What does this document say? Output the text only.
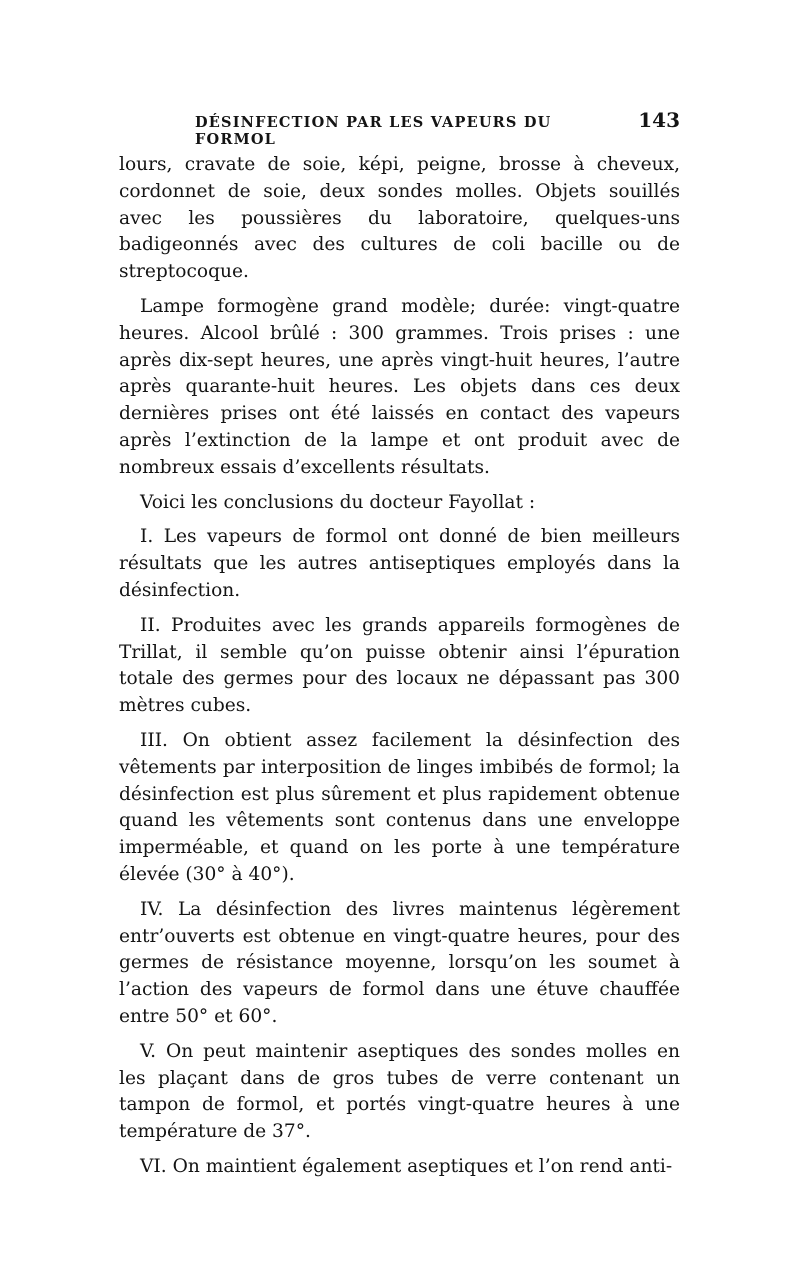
DÉSINFECTION PAR LES VAPEURS DU FORMOL
143

lours, cravate de soie, képi, peigne, brosse à cheveux, cordonnet de soie, deux sondes molles. Objets souillés avec les poussières du laboratoire, quelques-uns badigeonnés avec des cultures de coli bacille ou de streptocoque.

Lampe formogène grand modèle; durée: vingt-quatre heures. Alcool brûlé : 300 grammes. Trois prises : une après dix-sept heures, une après vingt-huit heures, l’autre après quarante-huit heures. Les objets dans ces deux dernières prises ont été laissés en contact des vapeurs après l’extinction de la lampe et ont produit avec de nombreux essais d’excellents résultats.

Voici les conclusions du docteur Fayollat :

I. Les vapeurs de formol ont donné de bien meilleurs résultats que les autres antiseptiques employés dans la désinfection.

II. Produites avec les grands appareils formogènes de Trillat, il semble qu’on puisse obtenir ainsi l’épuration totale des germes pour des locaux ne dépassant pas 300 mètres cubes.

III. On obtient assez facilement la désinfection des vêtements par interposition de linges imbibés de formol; la désinfection est plus sûrement et plus rapidement obtenue quand les vêtements sont contenus dans une enveloppe imperméable, et quand on les porte à une température élevée (30° à 40°).

IV. La désinfection des livres maintenus légèrement entr’ouverts est obtenue en vingt-quatre heures, pour des germes de résistance moyenne, lorsqu’on les soumet à l’action des vapeurs de formol dans une étuve chauffée entre 50° et 60°.

V. On peut maintenir aseptiques des sondes molles en les plaçant dans de gros tubes de verre contenant un tampon de formol, et portés vingt-quatre heures à une température de 37°.

VI. On maintient également aseptiques et l’on rend anti-
